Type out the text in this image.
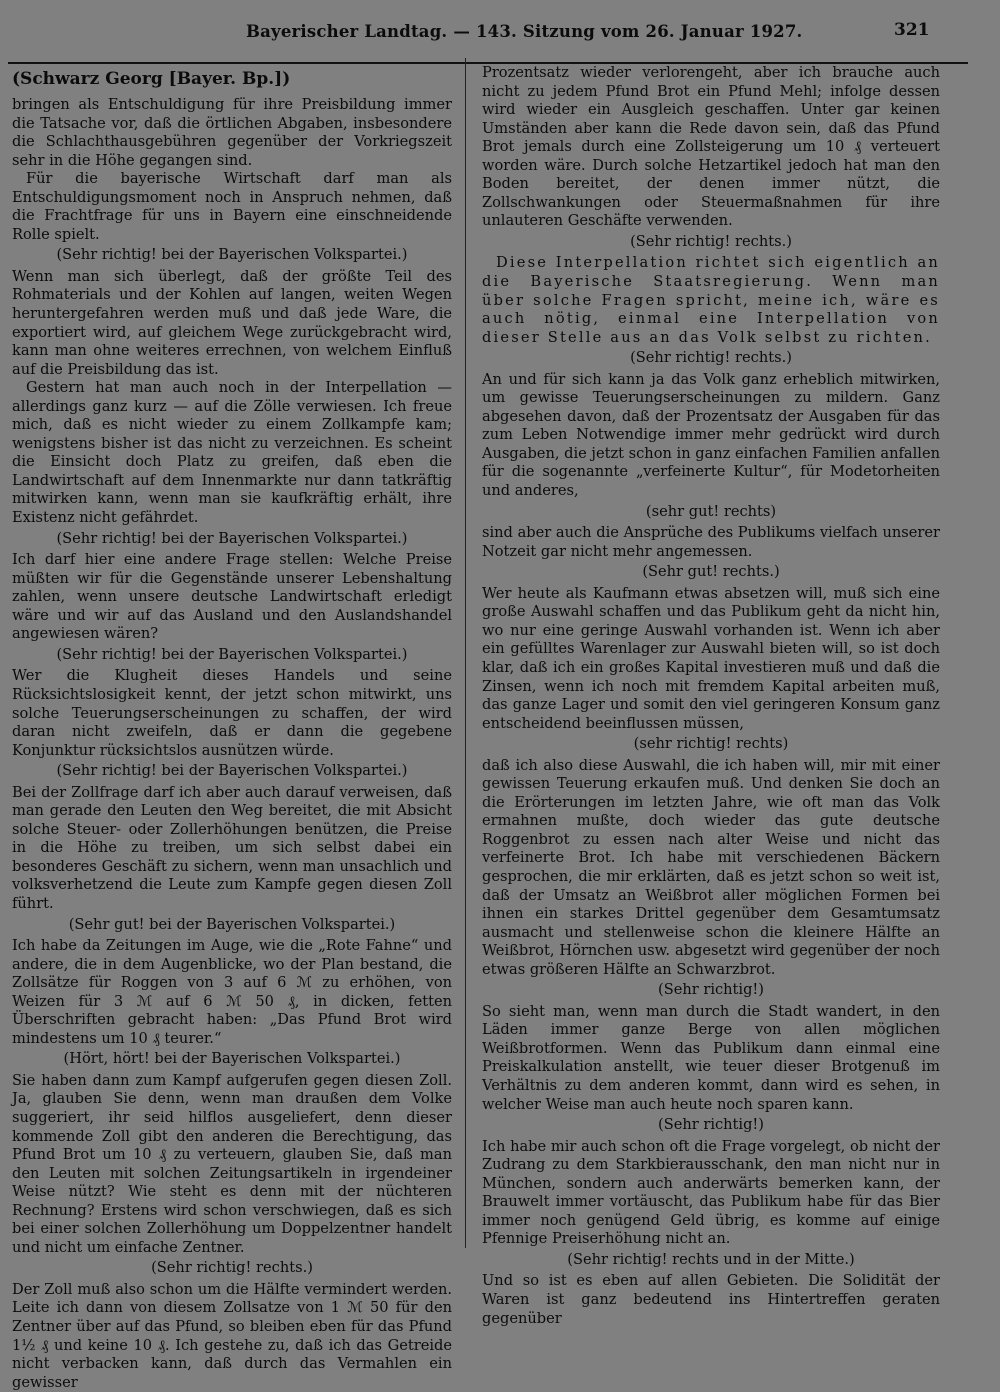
Bayerischer Landtag. — 143. Sitzung vom 26. Januar 1927.	321
(Schwarz Georg [Bayer. Bp.])

bringen als Entschuldigung für ihre Preisbildung immer die Tatsache vor, daß die örtlichen Abgaben, insbesondere die Schlachthausgebühren gegenüber der Vorkriegszeit sehr in die Höhe gegangen sind.

Für die bayerische Wirtschaft darf man als Entschuldigungsmoment noch in Anspruch nehmen, daß die Frachtfrage für uns in Bayern eine einschneidende Rolle spielt.

(Sehr richtig! bei der Bayerischen Volkspartei.)

Wenn man sich überlegt, daß der größte Teil des Rohmaterials und der Kohlen auf langen, weiten Wegen heruntergefahren werden muß und daß jede Ware, die exportiert wird, auf gleichem Wege zurückgebracht wird, kann man ohne weiteres errechnen, von welchem Einfluß auf die Preisbildung das ist.

Gestern hat man auch noch in der Interpellation — allerdings ganz kurz — auf die Zölle verwiesen. Ich freue mich, daß es nicht wieder zu einem Zollkampfe kam; wenigstens bisher ist das nicht zu verzeichnen. Es scheint die Einsicht doch Platz zu greifen, daß eben die Landwirtschaft auf dem Innenmarkte nur dann tatkräftig mitwirken kann, wenn man sie kaufkräftig erhält, ihre Existenz nicht gefährdet.

(Sehr richtig! bei der Bayerischen Volkspartei.)

Ich darf hier eine andere Frage stellen: Welche Preise müßten wir für die Gegenstände unserer Lebenshaltung zahlen, wenn unsere deutsche Landwirtschaft erledigt wäre und wir auf das Ausland und den Auslandshandel angewiesen wären?

(Sehr richtig! bei der Bayerischen Volkspartei.)

Wer die Klugheit dieses Handels und seine Rücksichtslosigkeit kennt, der jetzt schon mitwirkt, uns solche Teuerungserscheinungen zu schaffen, der wird daran nicht zweifeln, daß er dann die gegebene Konjunktur rücksichtslos ausnützen würde.

(Sehr richtig! bei der Bayerischen Volkspartei.)

Bei der Zollfrage darf ich aber auch darauf verweisen, daß man gerade den Leuten den Weg bereitet, die mit Absicht solche Steuer- oder Zollerhöhungen benützen, die Preise in die Höhe zu treiben, um sich selbst dabei ein besonderes Geschäft zu sichern, wenn man unsachlich und volksverhetzend die Leute zum Kampfe gegen diesen Zoll führt.

(Sehr gut! bei der Bayerischen Volkspartei.)

Ich habe da Zeitungen im Auge, wie die „Rote Fahne“ und andere, die in dem Augenblicke, wo der Plan bestand, die Zollsätze für Roggen von 3 auf 6 ℳ zu erhöhen, von Weizen für 3 ℳ auf 6 ℳ 50 ₰, in dicken, fetten Überschriften gebracht haben: „Das Pfund Brot wird mindestens um 10 ₰ teurer.“

(Hört, hört! bei der Bayerischen Volkspartei.)

Sie haben dann zum Kampf aufgerufen gegen diesen Zoll. Ja, glauben Sie denn, wenn man draußen dem Volke suggeriert, ihr seid hilflos ausgeliefert, denn dieser kommende Zoll gibt den anderen die Berechtigung, das Pfund Brot um 10 ₰ zu verteuern, glauben Sie, daß man den Leuten mit solchen Zeitungsartikeln in irgendeiner Weise nützt? Wie steht es denn mit der nüchteren Rechnung? Erstens wird schon verschwiegen, daß es sich bei einer solchen Zollerhöhung um Doppelzentner handelt und nicht um einfache Zentner.

(Sehr richtig! rechts.)

Der Zoll muß also schon um die Hälfte vermindert werden. Leite ich dann von diesem Zollsatze von 1 ℳ 50 für den Zentner über auf das Pfund, so bleiben eben für das Pfund 1½ ₰ und keine 10 ₰. Ich gestehe zu, daß ich das Getreide nicht verbacken kann, daß durch das Vermahlen ein gewisser

Prozentsatz wieder verlorengeht, aber ich brauche auch nicht zu jedem Pfund Brot ein Pfund Mehl; infolge dessen wird wieder ein Ausgleich geschaffen. Unter gar keinen Umständen aber kann die Rede davon sein, daß das Pfund Brot jemals durch eine Zollsteigerung um 10 ₰ verteuert worden wäre. Durch solche Hetzartikel jedoch hat man den Boden bereitet, der denen immer nützt, die Zollschwankungen oder Steuermaßnahmen für ihre unlauteren Geschäfte verwenden.

(Sehr richtig! rechts.)

Diese Interpellation richtet sich eigentlich an die Bayerische Staatsregierung. Wenn man über solche Fragen spricht, meine ich, wäre es auch nötig, einmal eine Interpellation von dieser Stelle aus an das Volk selbst zu richten.

(Sehr richtig! rechts.)

An und für sich kann ja das Volk ganz erheblich mitwirken, um gewisse Teuerungserscheinungen zu mildern. Ganz abgesehen davon, daß der Prozentsatz der Ausgaben für das zum Leben Notwendige immer mehr gedrückt wird durch Ausgaben, die jetzt schon in ganz einfachen Familien anfallen für die sogenannte „verfeinerte Kultur“, für Modetorheiten und anderes,

(sehr gut! rechts)

sind aber auch die Ansprüche des Publikums vielfach unserer Notzeit gar nicht mehr angemessen.

(Sehr gut! rechts.)

Wer heute als Kaufmann etwas absetzen will, muß sich eine große Auswahl schaffen und das Publikum geht da nicht hin, wo nur eine geringe Auswahl vorhanden ist. Wenn ich aber ein gefülltes Warenlager zur Auswahl bieten will, so ist doch klar, daß ich ein großes Kapital investieren muß und daß die Zinsen, wenn ich noch mit fremdem Kapital arbeiten muß, das ganze Lager und somit den viel geringeren Konsum ganz entscheidend beeinflussen müssen,

(sehr richtig! rechts)

daß ich also diese Auswahl, die ich haben will, mir mit einer gewissen Teuerung erkaufen muß. Und denken Sie doch an die Erörterungen im letzten Jahre, wie oft man das Volk ermahnen mußte, doch wieder das gute deutsche Roggenbrot zu essen nach alter Weise und nicht das verfeinerte Brot. Ich habe mit verschiedenen Bäckern gesprochen, die mir erklärten, daß es jetzt schon so weit ist, daß der Umsatz an Weißbrot aller möglichen Formen bei ihnen ein starkes Drittel gegenüber dem Gesamtumsatz ausmacht und stellenweise schon die kleinere Hälfte an Weißbrot, Hörnchen usw. abgesetzt wird gegenüber der noch etwas größeren Hälfte an Schwarzbrot.

(Sehr richtig!)

So sieht man, wenn man durch die Stadt wandert, in den Läden immer ganze Berge von allen möglichen Weißbrotformen. Wenn das Publikum dann einmal eine Preiskalkulation anstellt, wie teuer dieser Brotgenuß im Verhältnis zu dem anderen kommt, dann wird es sehen, in welcher Weise man auch heute noch sparen kann.

(Sehr richtig!)

Ich habe mir auch schon oft die Frage vorgelegt, ob nicht der Zudrang zu dem Starkbierausschank, den man nicht nur in München, sondern auch anderwärts bemerken kann, der Brauwelt immer vortäuscht, das Publikum habe für das Bier immer noch genügend Geld übrig, es komme auf einige Pfennige Preiserhöhung nicht an.

(Sehr richtig! rechts und in der Mitte.)

Und so ist es eben auf allen Gebieten. Die Solidität der Waren ist ganz bedeutend ins Hintertreffen geraten gegenüber
